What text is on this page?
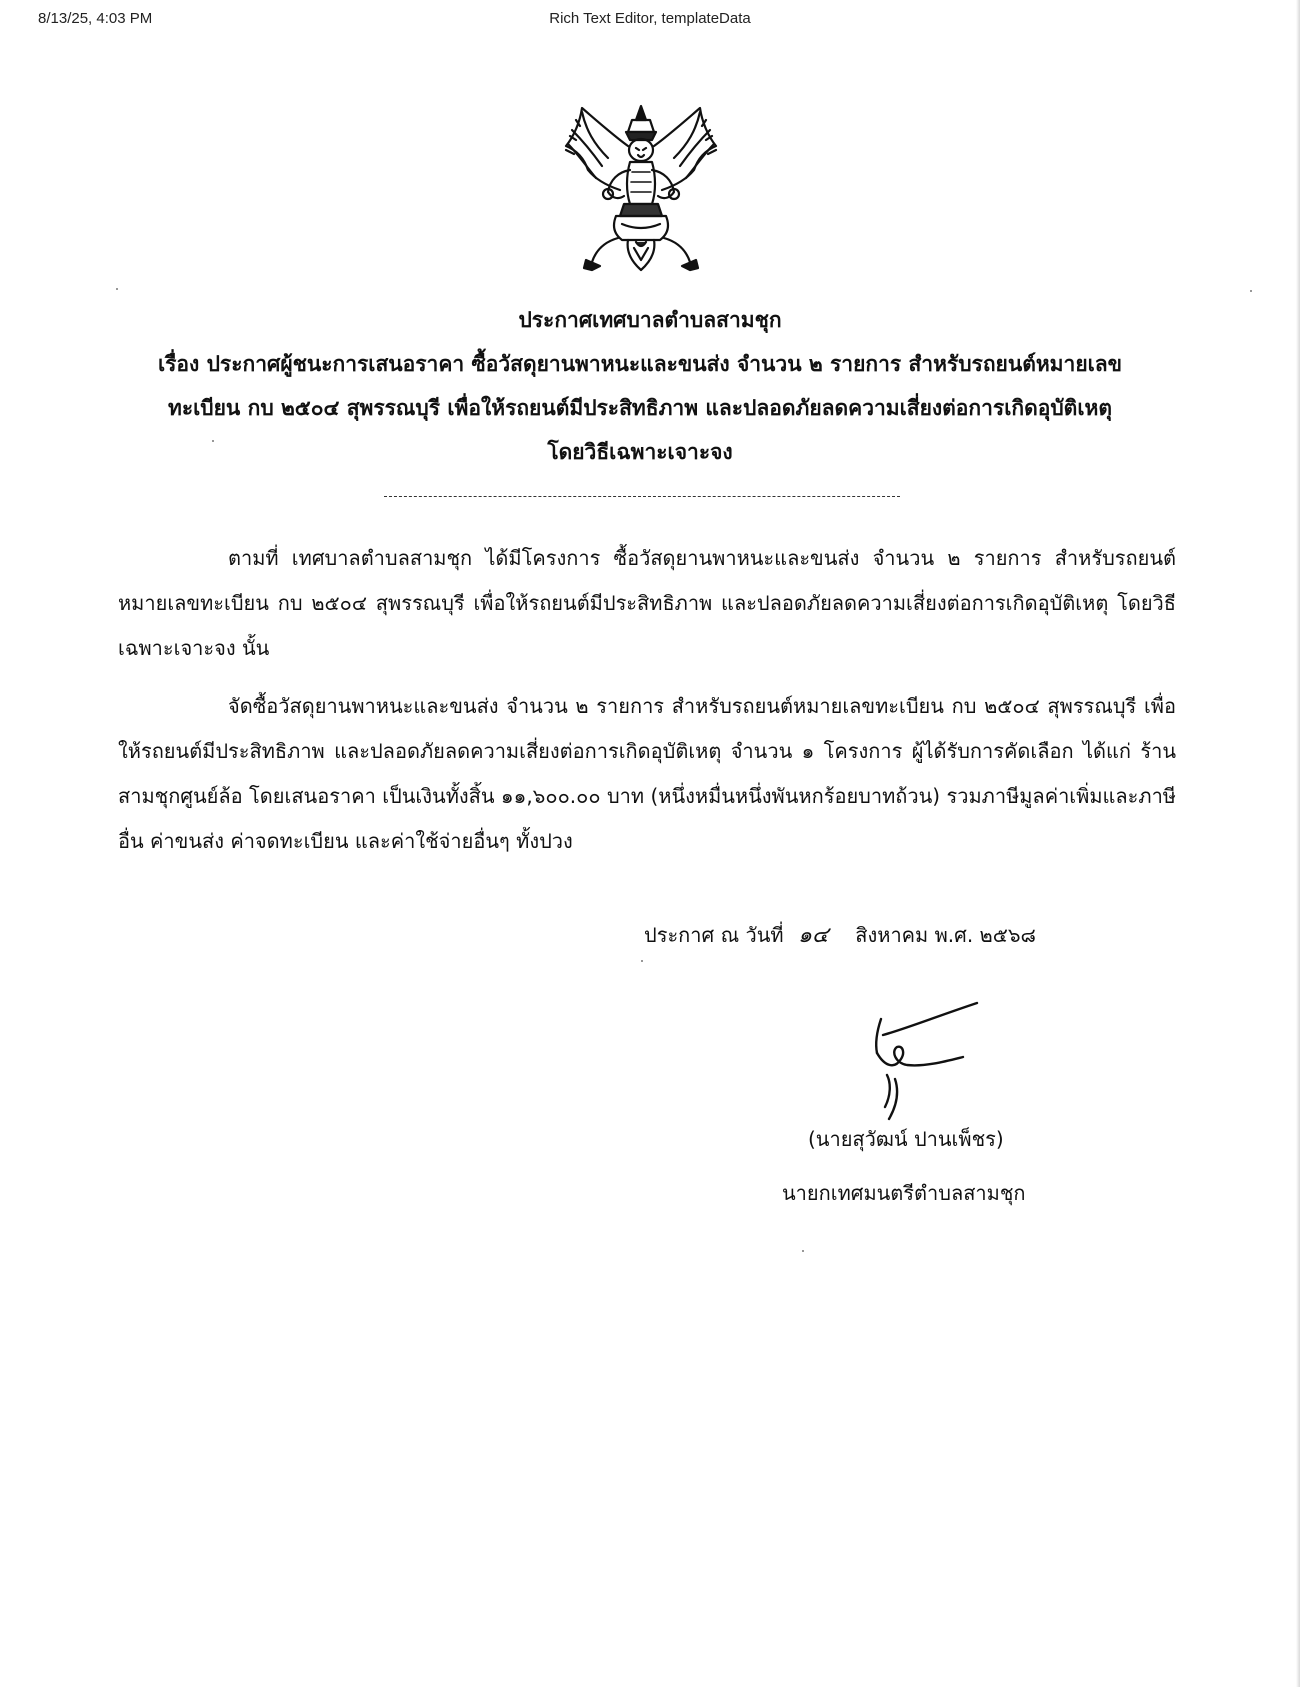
8/13/25, 4:03 PM	Rich Text Editor, templateData
ประกาศเทศบาลตำบลสามชุก
เรื่อง ประกาศผู้ชนะการเสนอราคา ซื้อวัสดุยานพาหนะและขนส่ง จำนวน ๒ รายการ สำหรับรถยนต์หมายเลข
ทะเบียน กบ ๒๕๐๔ สุพรรณบุรี เพื่อให้รถยนต์มีประสิทธิภาพ และปลอดภัยลดความเสี่ยงต่อการเกิดอุบัติเหตุ
โดยวิธีเฉพาะเจาะจง
ตามที่ เทศบาลตำบลสามชุก ได้มีโครงการ ซื้อวัสดุยานพาหนะและขนส่ง จำนวน ๒ รายการ สำหรับรถยนต์หมายเลขทะเบียน กบ ๒๕๐๔ สุพรรณบุรี เพื่อให้รถยนต์มีประสิทธิภาพ และปลอดภัยลดความเสี่ยงต่อการเกิดอุบัติเหตุ โดยวิธีเฉพาะเจาะจง นั้น
จัดซื้อวัสดุยานพาหนะและขนส่ง จำนวน ๒ รายการ สำหรับรถยนต์หมายเลขทะเบียน กบ ๒๕๐๔ สุพรรณบุรี เพื่อให้รถยนต์มีประสิทธิภาพ และปลอดภัยลดความเสี่ยงต่อการเกิดอุบัติเหตุ จำนวน ๑ โครงการ ผู้ได้รับการคัดเลือก ได้แก่ ร้านสามชุกศูนย์ล้อ โดยเสนอราคา เป็นเงินทั้งสิ้น ๑๑,๖๐๐.๐๐ บาท (หนึ่งหมื่นหนึ่งพันหกร้อยบาทถ้วน) รวมภาษีมูลค่าเพิ่มและภาษีอื่น ค่าขนส่ง ค่าจดทะเบียน และค่าใช้จ่ายอื่นๆ ทั้งปวง
ประกาศ ณ วันที่ ๑๔ สิงหาคม พ.ศ. ๒๕๖๘
(นายสุวัฒน์ ปานเพ็ชร)
นายกเทศมนตรีตำบลสามชุก
